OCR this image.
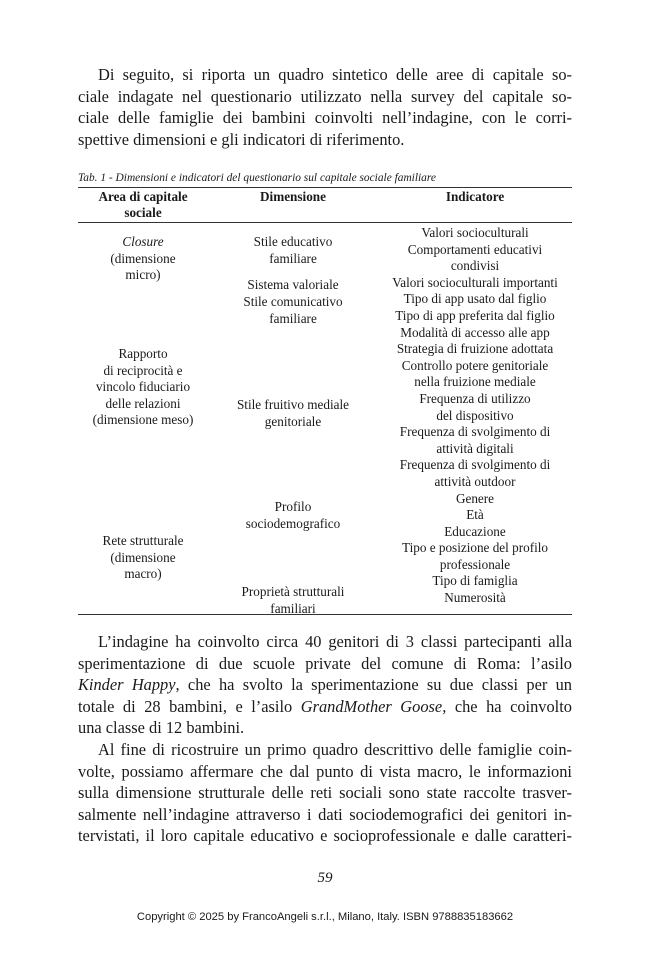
Di seguito, si riporta un quadro sintetico delle aree di capitale so-
ciale indagate nel questionario utilizzato nella survey del capitale so-
ciale delle famiglie dei bambini coinvolti nell’indagine, con le corri-
spettive dimensioni e gli indicatori di riferimento.

Tab. 1 - Dimensioni e indicatori del questionario sul capitale sociale familiare

Area di capitale
sociale
Dimensione	Indicatore
Closure
(dimensione
micro)
Rapporto
di reciprocità e
vincolo fiduciario
delle relazioni
(dimensione meso)
Rete strutturale
(dimensione
macro)
Stile educativo
familiare
Sistema valoriale
Stile comunicativo
familiare
Stile fruitivo mediale
genitoriale
Profilo
sociodemografico
Proprietà strutturali
familiari
Valori socioculturali
Comportamenti educativi
condivisi
Valori socioculturali importanti
Tipo di app usato dal figlio
Tipo di app preferita dal figlio
Modalità di accesso alle app
Strategia di fruizione adottata
Controllo potere genitoriale
nella fruizione mediale
Frequenza di utilizzo
del dispositivo
Frequenza di svolgimento di
attività digitali
Frequenza di svolgimento di
attività outdoor
Genere
Età
Educazione
Tipo e posizione del profilo
professionale
Tipo di famiglia
Numerosità
L’indagine ha coinvolto circa 40 genitori di 3 classi partecipanti alla
sperimentazione di due scuole private del comune di Roma: l’asilo
Kinder Happy, che ha svolto la sperimentazione su due classi per un
totale di 28 bambini, e l’asilo GrandMother Goose, che ha coinvolto
una classe di 12 bambini.
Al fine di ricostruire un primo quadro descrittivo delle famiglie coin-
volte, possiamo affermare che dal punto di vista macro, le informazioni
sulla dimensione strutturale delle reti sociali sono state raccolte trasver-
salmente nell’indagine attraverso i dati sociodemografici dei genitori in-
tervistati, il loro capitale educativo e socioprofessionale e dalle caratteri-

59

Copyright © 2025 by FrancoAngeli s.r.l., Milano, Italy. ISBN 9788835183662
